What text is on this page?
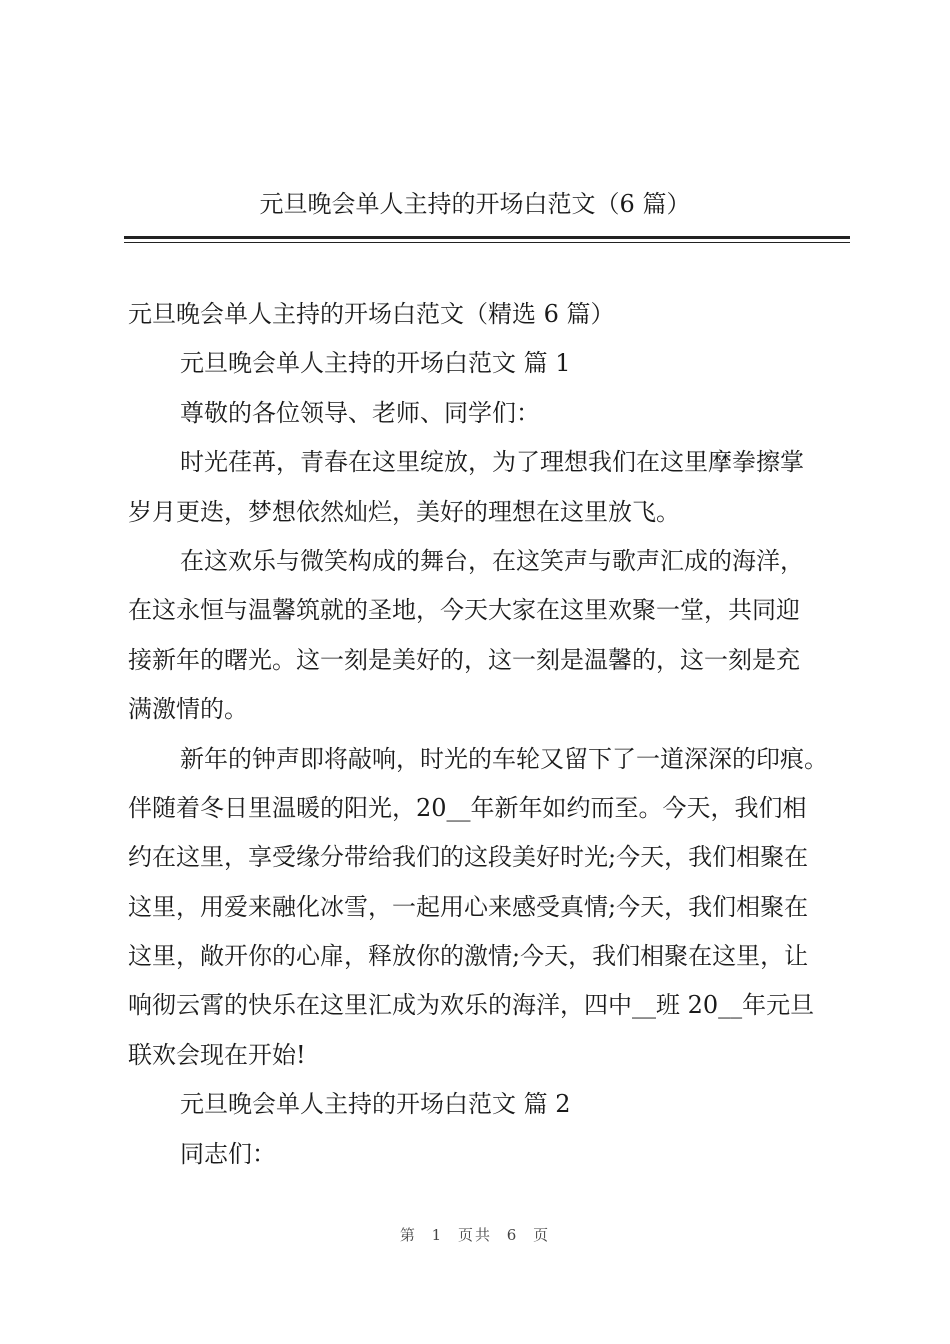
元旦晚会单人主持的开场白范文（6 篇）
元旦晚会单人主持的开场白范文（精选 6 篇）
元旦晚会单人主持的开场白范文 篇 1
尊敬的各位领导、老师、同学们：
时光荏苒，青春在这里绽放，为了理想我们在这里摩拳擦掌
岁月更迭，梦想依然灿烂，美好的理想在这里放飞。
在这欢乐与微笑构成的舞台，在这笑声与歌声汇成的海洋，
在这永恒与温馨筑就的圣地，今天大家在这里欢聚一堂，共同迎
接新年的曙光。这一刻是美好的，这一刻是温馨的，这一刻是充
满激情的。
新年的钟声即将敲响，时光的车轮又留下了一道深深的印痕。
伴随着冬日里温暖的阳光，20__年新年如约而至。今天，我们相
约在这里，享受缘分带给我们的这段美好时光;今天，我们相聚在
这里，用爱来融化冰雪，一起用心来感受真情;今天，我们相聚在
这里，敞开你的心扉，释放你的激情;今天，我们相聚在这里，让
响彻云霄的快乐在这里汇成为欢乐的海洋，四中__班 20__年元旦
联欢会现在开始!
元旦晚会单人主持的开场白范文 篇 2
同志们：
第 1 页共 6 页
